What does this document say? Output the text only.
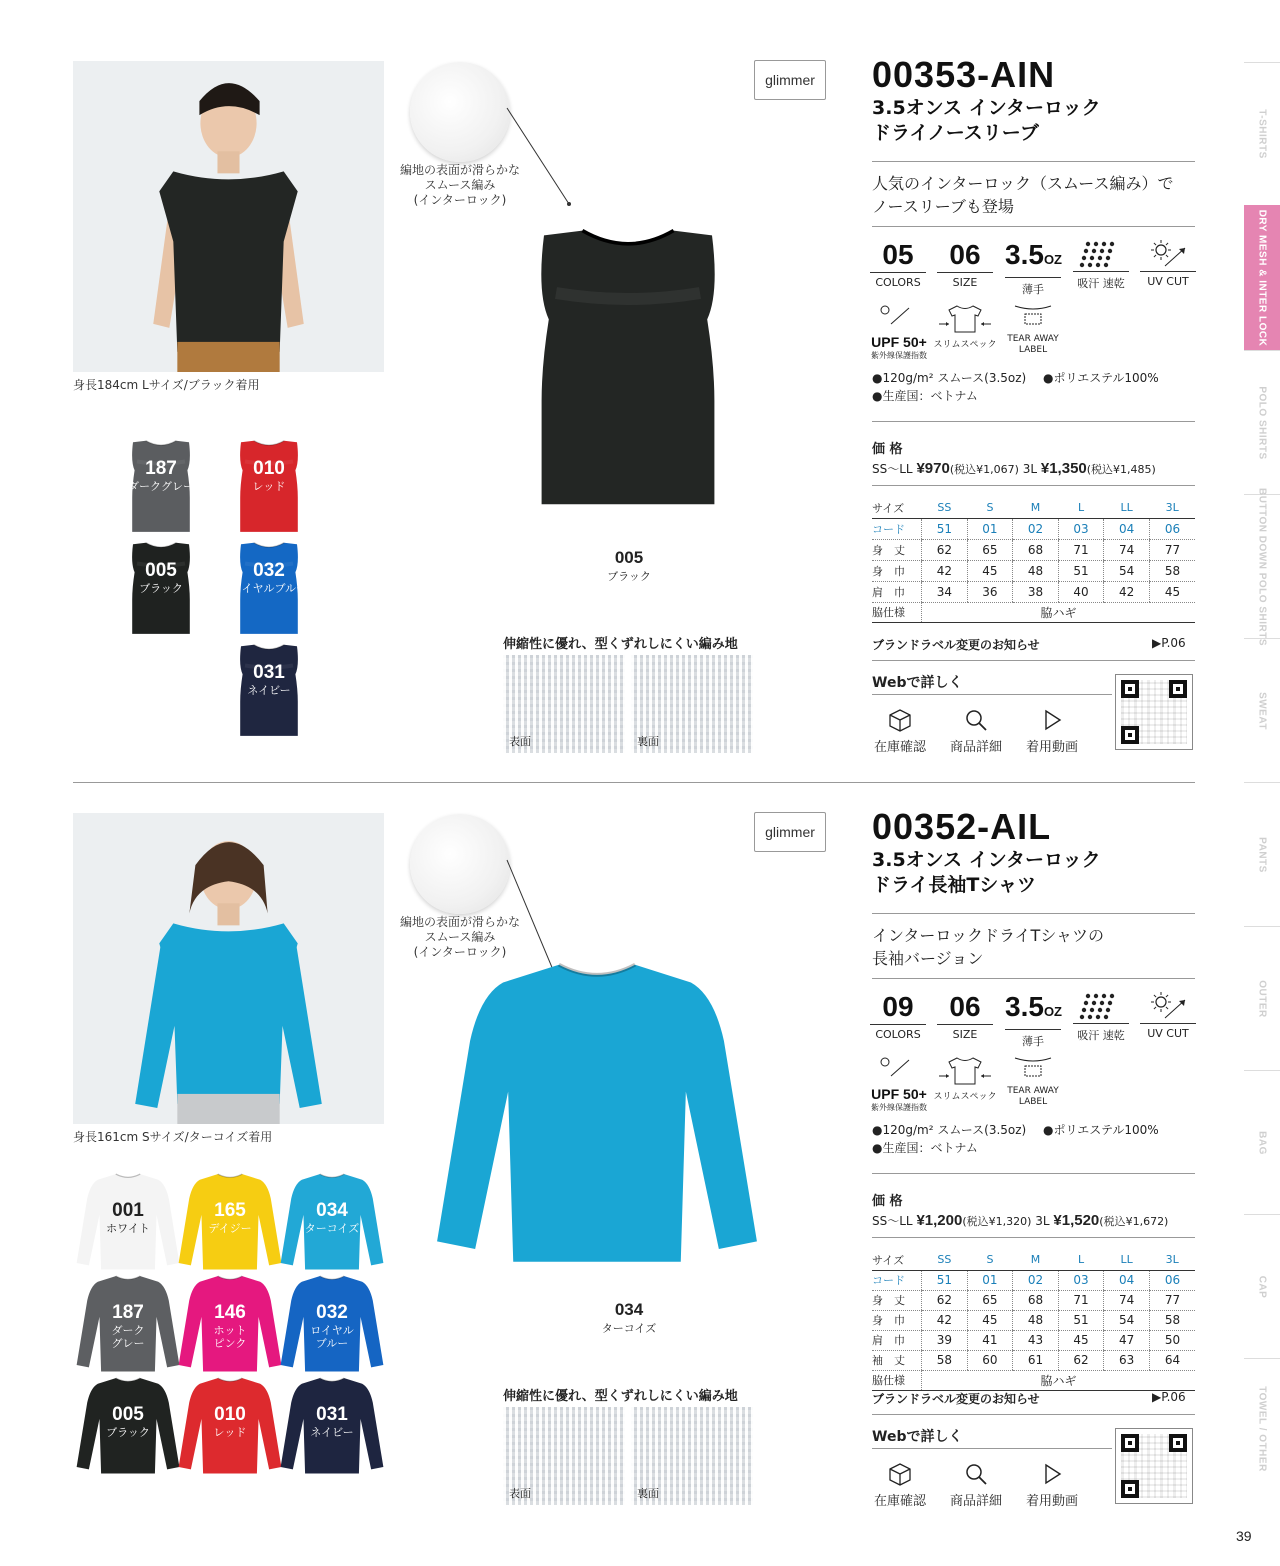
身長184cm Lサイズ/ブラック着用
187
ダークグレー
010
レッド
005
ブラック
032
ロイヤルブルー
031
ネイビー
編地の表面が滑らかな
スムース編み
(インターロック)
005
ブラック
伸縮性に優れ、型くずれしにくい編み地
表面	裏面
glimmer 00353-AIN
3.5オンス インターロック
ドライノースリーブ
人気のインターロック（スムース編み）で
ノースリーブも登場
05
COLORS
06
SIZE
3.5OZ
薄手	吸汗 速乾	UV CUT
UPF 50+
紫外線保護指数
スリムスペック
TEAR AWAY
LABEL
●120g/m² スムース(3.5oz) ●ポリエステル100%
●生産国：ベトナム
価 格
SS〜LL ¥970(税込¥1,067) 3L ¥1,350(税込¥1,485)
サイズ	SS	S	M	L	LL	3L
コード	51	01	02	03	04	06
身　丈	62	65	68	71	74	77
身　巾	42	45	48	51	54	58
肩　巾	34	36	38	40	42	45
脇仕様	脇ハギ					
ブランドラベル変更のお知らせ	▶P.06
Webで詳しく
在庫確認	商品詳細	着用動画
身長161cm Sサイズ/ターコイズ着用
001
ホワイト
165
デイジー
034
ターコイズ
187
ダーク
グレー
146
ホット
ピンク
032
ロイヤル
ブルー
005
ブラック
010
レッド
031
ネイビー
編地の表面が滑らかな
スムース編み
(インターロック)
034
ターコイズ
伸縮性に優れ、型くずれしにくい編み地
表面	裏面
glimmer 00352-AIL
3.5オンス インターロック
ドライ長袖Tシャツ
インターロックドライTシャツの
長袖バージョン
09
COLORS
06
SIZE
3.5OZ
薄手	吸汗 速乾	UV CUT
UPF 50+
紫外線保護指数
スリムスペック
TEAR AWAY
LABEL
●120g/m² スムース(3.5oz) ●ポリエステル100%
●生産国：ベトナム
価 格
SS〜LL ¥1,200(税込¥1,320) 3L ¥1,520(税込¥1,672)
サイズ	SS	S	M	L	LL	3L
コード	51	01	02	03	04	06
身　丈	62	65	68	71	74	77
身　巾	42	45	48	51	54	58
肩　巾	39	41	43	45	47	50
袖　丈	58	60	61	62	63	64
脇仕様	脇ハギ					
ブランドラベル変更のお知らせ	▶P.06
Webで詳しく
在庫確認	商品詳細	着用動画
T-SHIRTS
DRY MESH & INTER LOCK
POLO SHIRTS
BUTTON DOWN POLO SHIRTS
SWEAT
PANTS
OUTER
BAG
CAP
TOWEL / OTHER
39
